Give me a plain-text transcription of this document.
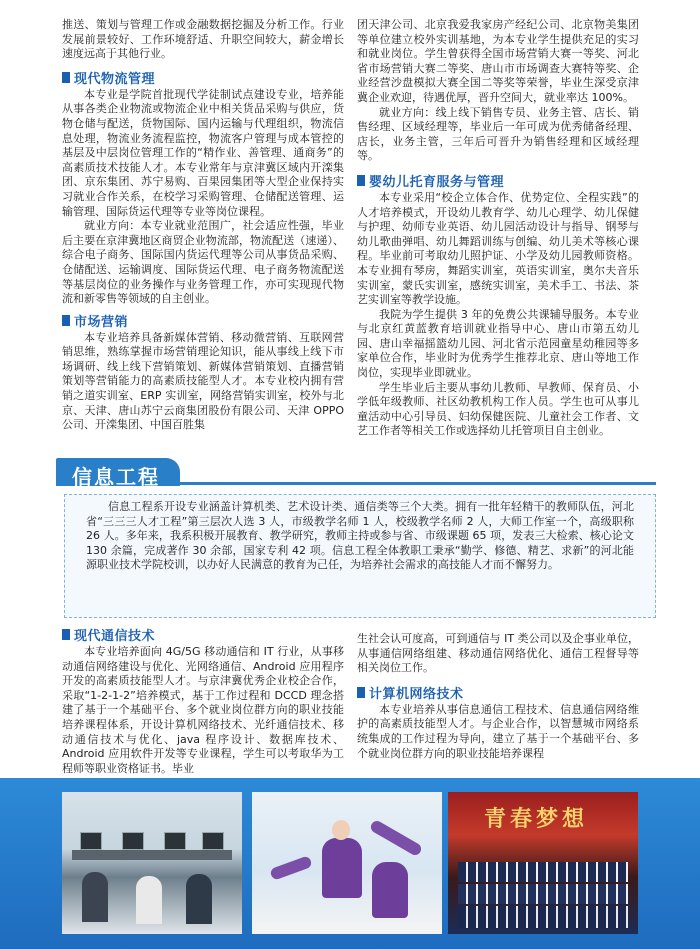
推送、策划与管理工作或金融数据挖掘及分析工作。行业发展前景较好、工作环境舒适、升职空间较大，薪金增长速度远高于其他行业。

现代物流管理

本专业是学院首批现代学徒制试点建设专业，培养能从事各类企业物流或物流企业中相关货品采购与供应，货物仓储与配送，货物国际、国内运输与代理组织，物流信息处理，物流业务流程监控，物流客户管理与成本管控的基层及中层岗位管理工作的“精作业、善管理、通商务”的高素质技术技能人才。本专业常年与京津冀区域内开滦集团、京东集团、苏宁易购、百果园集团等大型企业保持实习就业合作关系，在校学习采购管理、仓储配送管理、运输管理、国际货运代理等专业等岗位课程。

就业方向：本专业就业范围广，社会适应性强，毕业后主要在京津冀地区商贸企业物流部，物流配送（速递）、综合电子商务、国际国内货运代理等公司从事货品采购、仓储配送、运输调度、国际货运代理、电子商务物流配送等基层岗位的业务操作与业务管理工作，亦可实现现代物流和新零售等领域的自主创业。

市场营销

本专业培养具备新媒体营销、移动微营销、互联网营销思维，熟练掌握市场营销理论知识，能从事线上线下市场调研、线上线下营销策划、新媒体营销策划、直播营销策划等营销能力的高素质技能型人才。本专业校内拥有营销之道实训室、ERP 实训室，网络营销实训室，校外与北京、天津、唐山苏宁云商集团股份有限公司、天津 OPPO 公司、开滦集团、中国百胜集

团天津公司、北京我爱我家房产经纪公司、北京物美集团等单位建立校外实训基地，为本专业学生提供充足的实习和就业岗位。学生曾获得全国市场营销大赛一等奖、河北省市场营销大赛二等奖、唐山市市场调查大赛特等奖、企业经营沙盘模拟大赛全国二等奖等荣誉，毕业生深受京津冀企业欢迎，待遇优厚，晋升空间大，就业率达 100%。

就业方向：线上线下销售专员、业务主管、店长、销售经理、区域经理等，毕业后一年可成为优秀储备经理、店长，业务主管，三年后可晋升为销售经理和区域经理等。

婴幼儿托育服务与管理

本专业采用“校企立体合作、优势定位、全程实践”的人才培养模式，开设幼儿教育学、幼儿心理学、幼儿保健与护理、幼师专业英语、幼儿园活动设计与指导、钢琴与幼儿歌曲弹唱、幼儿舞蹈训练与创编、幼儿美术等核心课程。毕业前可考取幼儿照护证、小学及幼儿园教师资格。本专业拥有琴房，舞蹈实训室，英语实训室，奥尔夫音乐实训室，蒙氏实训室，感统实训室，美术手工、书法、茶艺实训室等教学设施。

我院为学生提供 3 年的免费公共课辅导服务。本专业与北京红黄蓝教育培训就业指导中心、唐山市第五幼儿园、唐山幸福摇篮幼儿园、河北省示范园童星幼稚园等多家单位合作，毕业时为优秀学生推荐北京、唐山等地工作岗位，实现毕业即就业。

学生毕业后主要从事幼儿教师、早教师、保育员、小学低年级教师、社区幼教机构工作人员。学生也可从事儿童活动中心引导员、妇幼保健医院、儿童社会工作者、文艺工作者等相关工作或选择幼儿托管项目自主创业。

信息工程

信息工程系开设专业涵盖计算机类、艺术设计类、通信类等三个大类。拥有一批年轻精干的教师队伍，河北省“三三三人才工程”第三层次人选 3 人，市级教学名师 1 人，校级教学名师 2 人，大师工作室一个，高级职称 26 人。多年来，我系积极开展教育、教学研究，教师主持或参与省、市级课题 65 项，发表三大检索、核心论文 130 余篇，完成著作 30 余部，国家专利 42 项。信息工程全体教职工秉承“勤学、修德、精艺、求新”的河北能源职业技术学院校训，以办好人民满意的教育为己任，为培养社会需求的高技能人才而不懈努力。

现代通信技术

本专业培养面向 4G/5G 移动通信和 IT 行业，从事移动通信网络建设与优化、光网络通信、Android 应用程序开发的高素质技能型人才。与京津冀优秀企业校企合作，采取“1-2-1-2”培养模式，基于工作过程和 DCCD 理念搭建了基于一个基础平台、多个就业岗位群方向的职业技能培养课程体系，开设计算机网络技术、光纤通信技术、移动通信技术与优化、java 程序设计、数据库技术、Android 应用软件开发等专业课程，学生可以考取华为工程师等职业资格证书。毕业

生社会认可度高，可到通信与 IT 类公司以及企事业单位，从事通信网络组建、移动通信网络优化、通信工程督导等相关岗位工作。

计算机网络技术

本专业培养从事信息通信工程技术、信息通信网络维护的高素质技能型人才。与企业合作，以智慧城市网络系统集成的工作过程为导向，建立了基于一个基础平台、多个就业岗位群方向的职业技能培养课程

青春梦想
